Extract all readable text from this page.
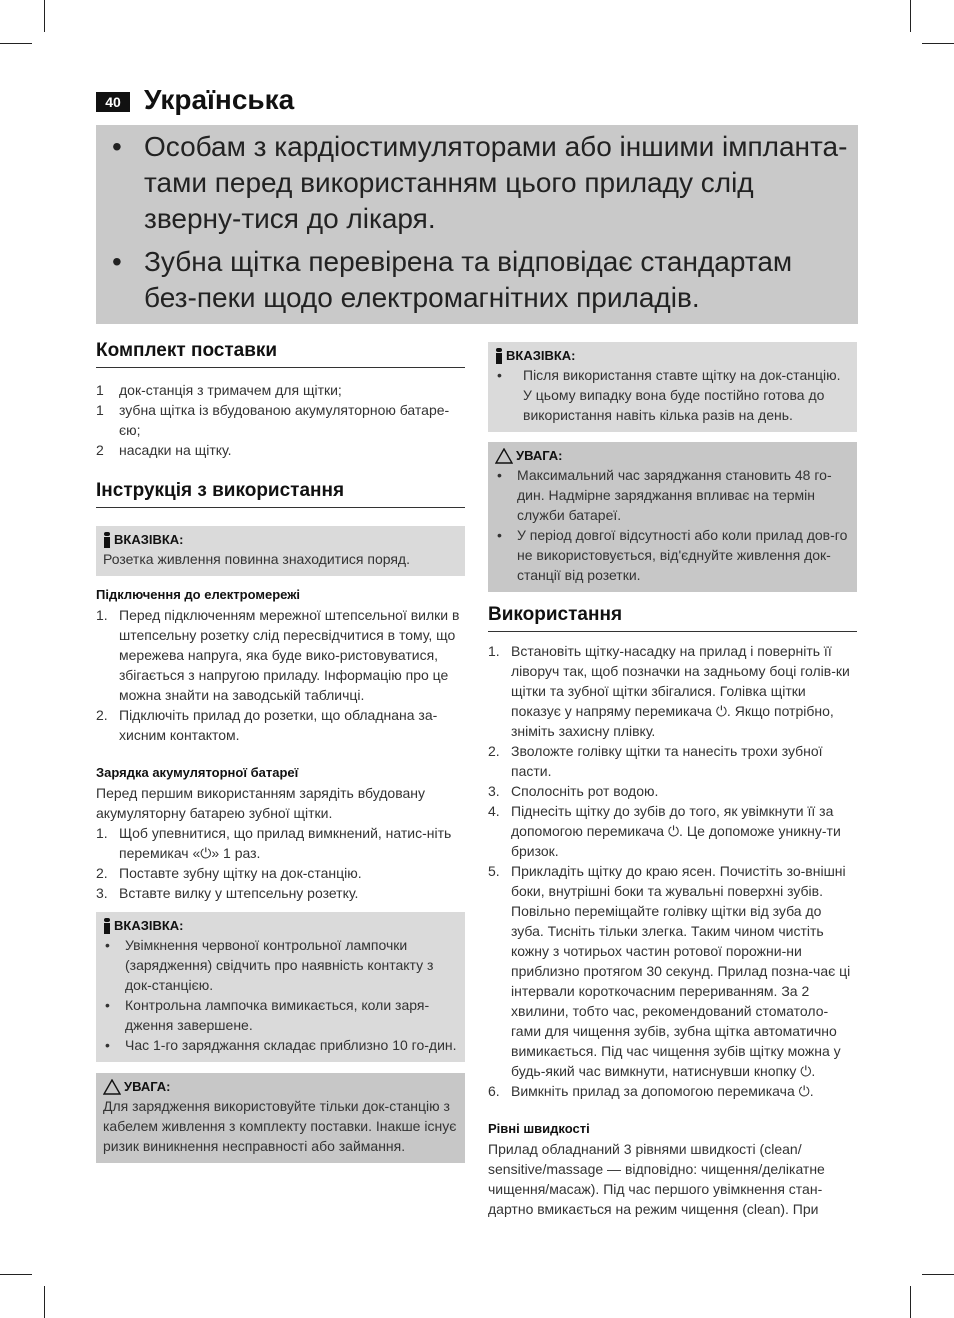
40 Українська
• Особам з кардіостимуляторами або іншими імпланта-тами перед використанням цього приладу слід зверну-тися до лікаря.
• Зубна щітка перевірена та відповідає стандартам без-пеки щодо електромагнітних приладів.
Комплект поставки
1 док-станція з тримачем для щітки;
1 зубна щітка із вбудованою акумуляторною батаре-єю;
2 насадки на щітку.
Інструкція з використання
ВКАЗІВКА:
Розетка живлення повинна знаходитися поряд.
Підключення до електромережі
1. Перед підключенням мережної штепсельної вилки в штепсельну розетку слід пересвідчитися в тому, що мережева напруга, яка буде вико-ристовуватися, збігається з напругою приладу. Інформацію про це можна знайти на заводській табличці.
2. Підключіть прилад до розетки, що обладнана за-хисним контактом.
Зарядка акумуляторної батареї
Перед першим використанням зарядіть вбудовану акумуляторну батарею зубної щітки.
1. Щоб упевнитися, що прилад вимкнений, натис-ніть перемикач «⏻» 1 раз.
2. Поставте зубну щітку на док-станцію.
3. Вставте вилку у штепсельну розетку.
ВКАЗІВКА:
• Увімкнення червоної контрольної лампочки (зарядження) свідчить про наявність контакту з док-станцією.
• Контрольна лампочка вимикається, коли заря-дження завершене.
• Час 1-го заряджання складає приблизно 10 го-дин.
УВАГА:
Для зарядження використовуйте тільки док-станцію з кабелем живлення з комплекту поставки. Інакше існує ризик виникнення несправності або займання.
ВКАЗІВКА:
• Після використання ставте щітку на док-станцію. У цьому випадку вона буде постійно готова до використання навіть кілька разів на день.
УВАГА:
• Максимальний час заряджання становить 48 го-дин. Надмірне заряджання впливає на термін служби батареї.
• У період довгої відсутності або коли прилад дов-го не використовується, від'єднуйте живлення док-станції від розетки.
Використання
1. Встановіть щітку-насадку на прилад і поверніть її ліворуч так, щоб позначки на задньому боці голів-ки щітки та зубної щітки збігалися. Голівка щітки показує у напряму перемикача ⏻. Якщо потрібно, зніміть захисну плівку.
2. Зволожте голівку щітки та нанесіть трохи зубної пасти.
3. Сполосніть рот водою.
4. Піднесіть щітку до зубів до того, як увімкнути її за допомогою перемикача ⏻. Це допоможе уникну-ти бризок.
5. Прикладіть щітку до краю ясен. Почистіть зо-внішні боки, внутрішні боки та жувальні поверхні зубів. Повільно переміщайте голівку щітки від зуба до зуба. Тисніть тільки злегка. Таким чином чистіть кожну з чотирьох частин ротової порожни-ни приблизно протягом 30 секунд. Прилад позна-чає ці інтервали короткочасним перериванням. За 2 хвилини, тобто час, рекомендований стоматоло-гами для чищення зубів, зубна щітка автоматично вимикається. Під час чищення зубів щітку можна у будь-який час вимкнути, натиснувши кнопку ⏻.
6. Вимкніть прилад за допомогою перемикача ⏻.
Рівні швидкості
Прилад обладнаний 3 рівнями швидкості (clean/ sensitive/massage — відповідно: чищення/делікатне чищення/масаж). Під час першого увімкнення стан-дартно вмикається на режим чищення (clean). При
